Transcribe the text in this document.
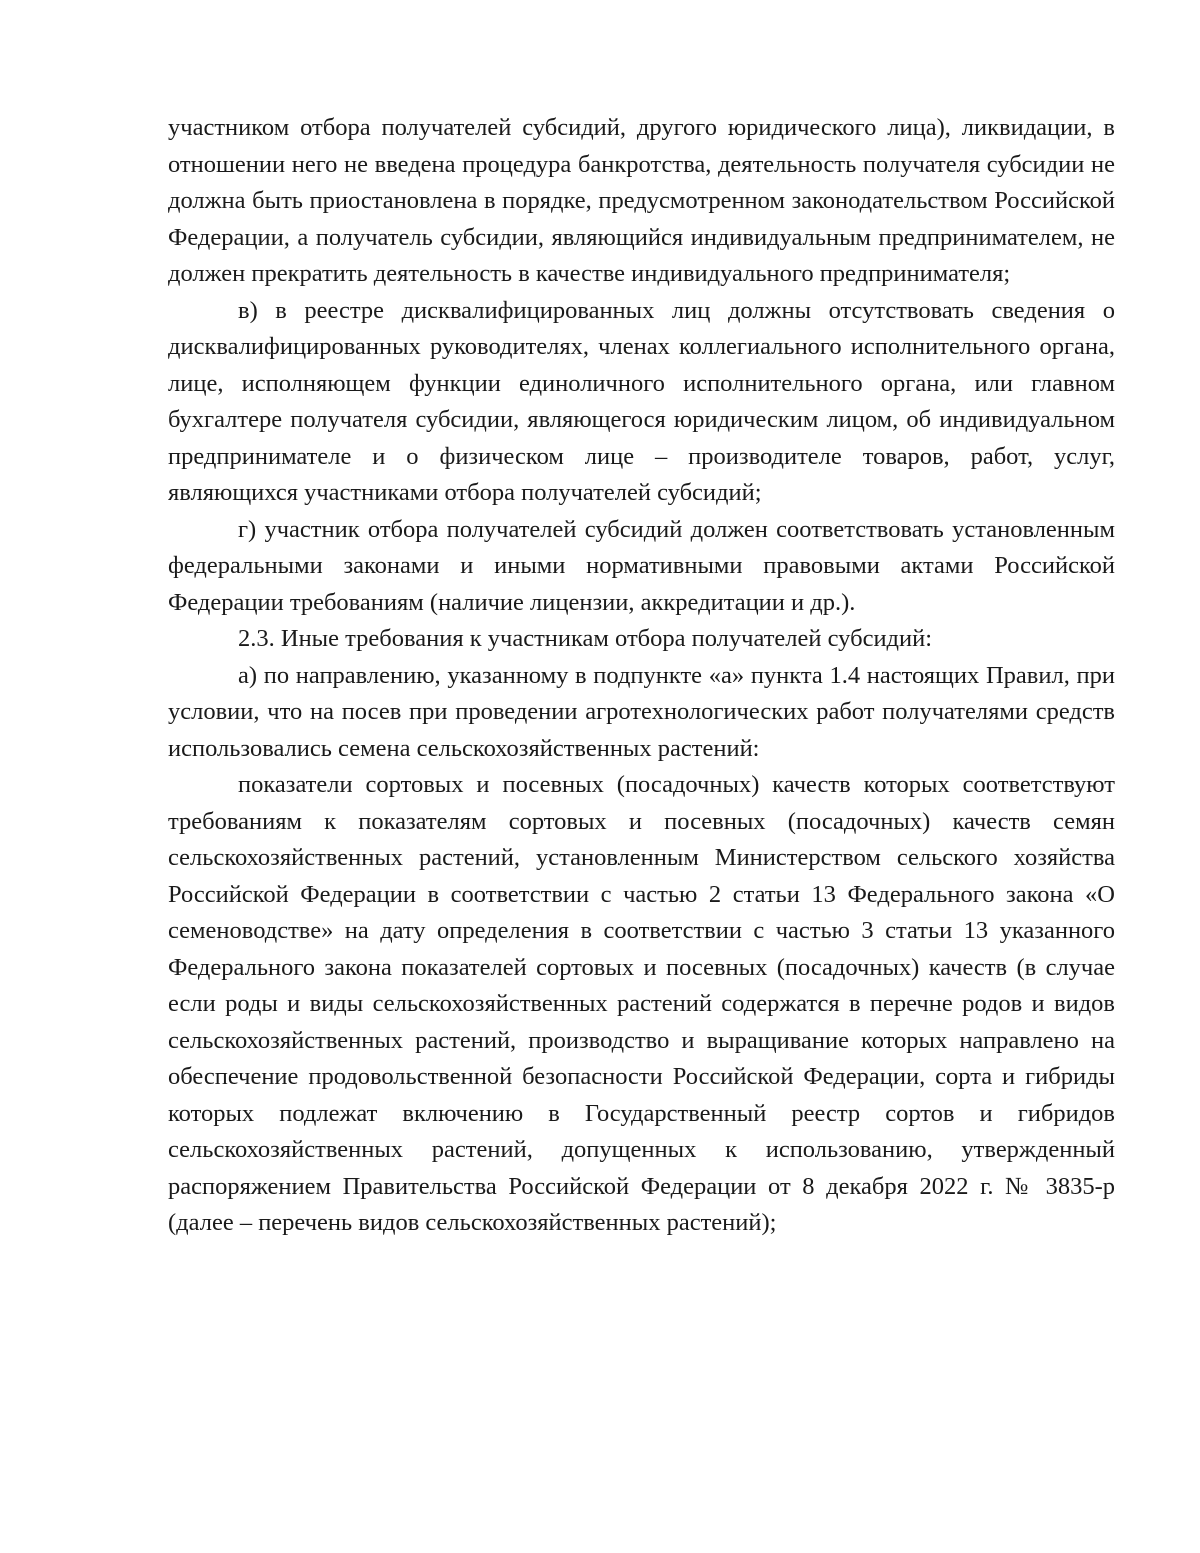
участником отбора получателей субсидий, другого юридического лица), ликвидации, в отношении него не введена процедура банкротства, деятельность получателя субсидии не должна быть приостановлена в порядке, предусмотренном законодательством Российской Федерации, а получатель субсидии, являющийся индивидуальным предпринимателем, не должен прекратить деятельность в качестве индивидуального предпринимателя;

в) в реестре дисквалифицированных лиц должны отсутствовать сведения о дисквалифицированных руководителях, членах коллегиального исполнительного органа, лице, исполняющем функции единоличного исполнительного органа, или главном бухгалтере получателя субсидии, являющегося юридическим лицом, об индивидуальном предпринимателе и о физическом лице – производителе товаров, работ, услуг, являющихся участниками отбора получателей субсидий;

г) участник отбора получателей субсидий должен соответствовать установленным федеральными законами и иными нормативными правовыми актами Российской Федерации требованиям (наличие лицензии, аккредитации и др.).

2.3. Иные требования к участникам отбора получателей субсидий:

а) по направлению, указанному в подпункте «а» пункта 1.4 настоящих Правил, при условии, что на посев при проведении агротехнологических работ получателями средств использовались семена сельскохозяйственных растений:

показатели сортовых и посевных (посадочных) качеств которых соответствуют требованиям к показателям сортовых и посевных (посадочных) качеств семян сельскохозяйственных растений, установленным Министерством сельского хозяйства Российской Федерации в соответствии с частью 2 статьи 13 Федерального закона «О семеноводстве» на дату определения в соответствии с частью 3 статьи 13 указанного Федерального закона показателей сортовых и посевных (посадочных) качеств (в случае если роды и виды сельскохозяйственных растений содержатся в перечне родов и видов сельскохозяйственных растений, производство и выращивание которых направлено на обеспечение продовольственной безопасности Российской Федерации, сорта и гибриды которых подлежат включению в Государственный реестр сортов и гибридов сельскохозяйственных растений, допущенных к использованию, утвержденный распоряжением Правительства Российской Федерации от 8 декабря 2022 г. № 3835-р (далее – перечень видов сельскохозяйственных растений);
